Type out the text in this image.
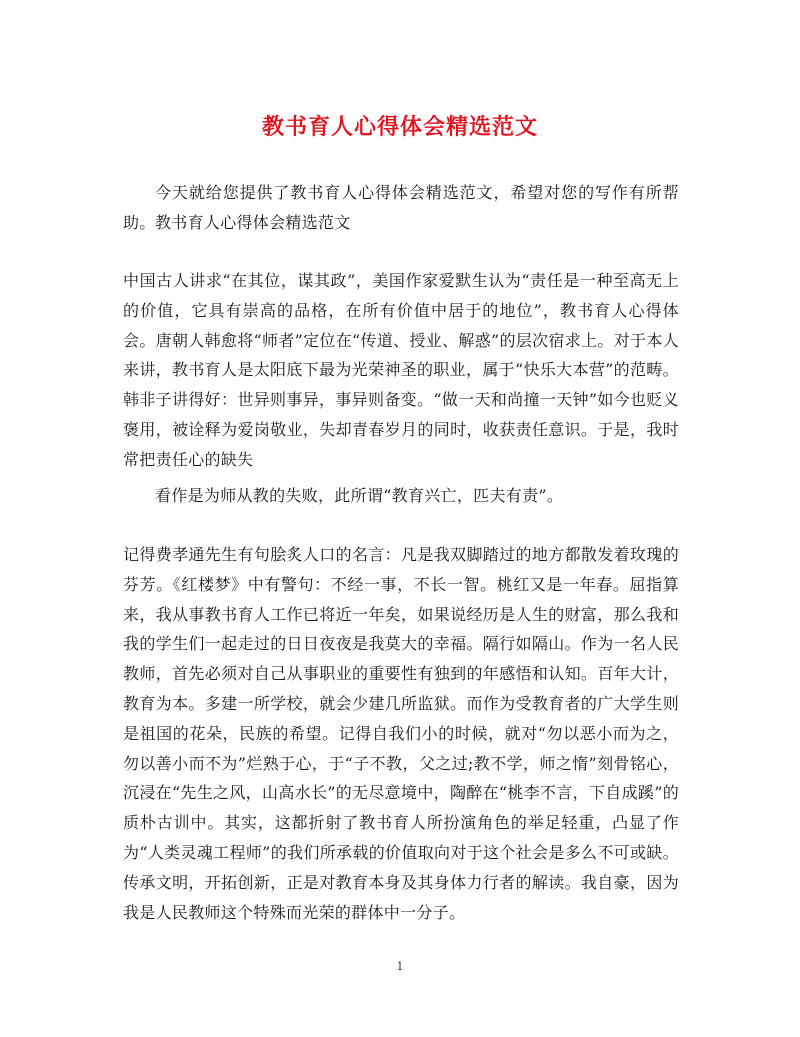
教书育人心得体会精选范文

今天就给您提供了教书育人心得体会精选范文，希望对您的写作有所帮助。 教书育人心得体会精选范文

中国古人讲求“在其位，谋其政”，美国作家爱默生认为“责任是一种至高无上的价值，它具有崇高的品格，在所有价值中居于的地位”，教书育人心得体会。唐朝人韩愈将“师者”定位在“传道、授业、解惑”的层次宿求上。对于本人来讲，教书育人是太阳底下最为光荣神圣的职业，属于“快乐大本营”的范畴。韩非子讲得好：世异则事异，事异则备变。“做一天和尚撞一天钟”如今也贬义褒用，被诠释为爱岗敬业，失却青春岁月的同时，收获责任意识。于是，我时常把责任心的缺失

看作是为师从教的失败，此所谓“教育兴亡，匹夫有责”。

记得费孝通先生有句脍炙人口的名言：凡是我双脚踏过的地方都散发着玫瑰的芬芳。《红楼梦》中有警句：不经一事，不长一智。桃红又是一年春。屈指算来，我从事教书育人工作已将近一年矣，如果说经历是人生的财富，那么我和我的学生们一起走过的日日夜夜是我莫大的幸福。隔行如隔山。作为一名人民教师，首先必须对自己从事职业的重要性有独到的年感悟和认知。百年大计，教育为本。多建一所学校，就会少建几所监狱。而作为受教育者的广大学生则是祖国的花朵，民族的希望。记得自我们小的时候，就对“勿以恶小而为之，勿以善小而不为”烂熟于心，于“子不教，父之过;教不学，师之惰”刻骨铭心，沉浸在“先生之风，山高水长”的无尽意境中，陶醉在“桃李不言，下自成蹊”的质朴古训中。其实，这都折射了教书育人所扮演角色的举足轻重，凸显了作为“人类灵魂工程师”的我们所承载的价值取向对于这个社会是多么不可或缺。传承文明，开拓创新，正是对教育本身及其身体力行者的解读。我自豪，因为我是人民教师这个特殊而光荣的群体中一分子。

1
